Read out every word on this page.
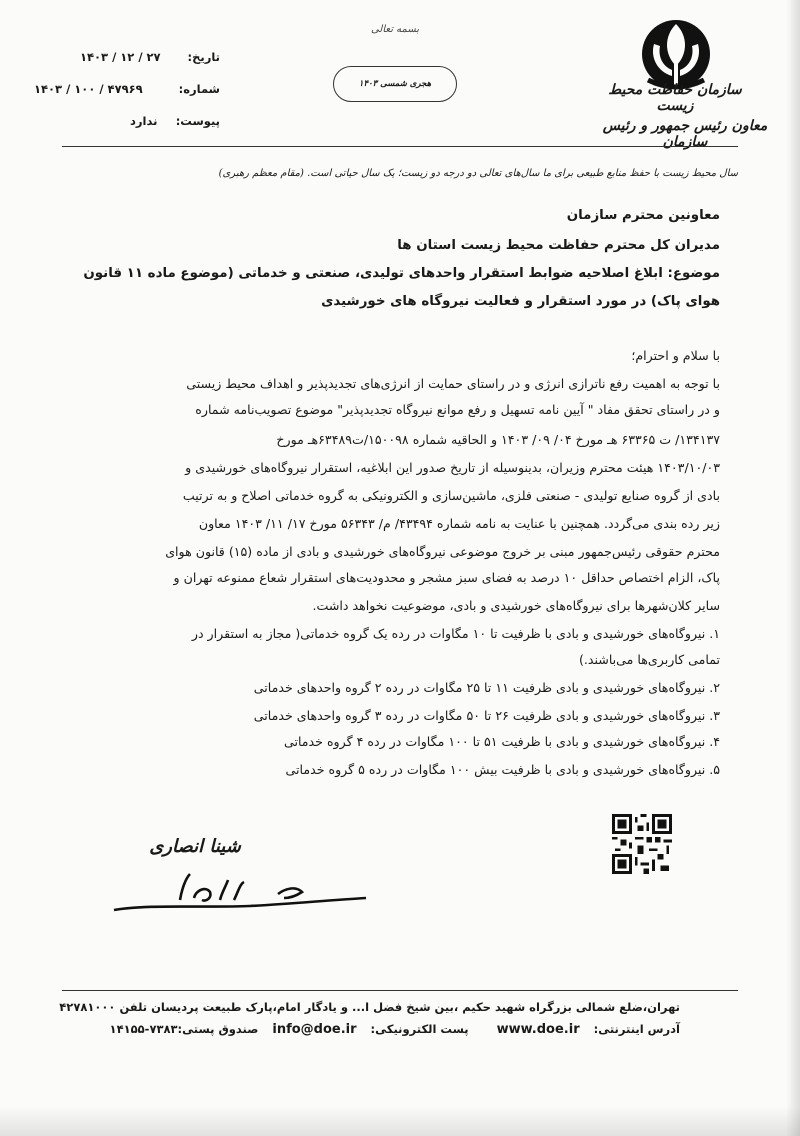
سازمان حفاظت محیط زیست
معاون رئیس جمهور و رئیس سازمان
بسمه تعالی
هجری شمسی ۱۴۰۳
تاریخ:
۱۴۰۳ / ۱۲ / ۲۷
شماره:
۱۴۰۳ / ۱۰۰ / ۴۷۹۶۹
پیوست:
ندارد
سال محیط زیست با حفظ منابع طبیعی برای ما سال‌های تعالی دو درجه دو زیست؛ یک سال حیاتی است. (مقام معظم رهبری)
معاونین محترم سازمان
مدیران کل محترم حفاظت محیط زیست استان ها
موضوع: ابلاغ اصلاحیه ضوابط استقرار واحدهای تولیدی، صنعتی و خدماتی (موضوع ماده ۱۱ قانون
هوای پاک) در مورد استقرار و فعالیت نیروگاه های خورشیدی
با سلام و احترام؛
با توجه به اهمیت رفع ناترازی انرژی و در راستای حمایت از انرژی‌های تجدیدپذیر و اهداف محیط زیستی
و در راستای تحقق مفاد " آیین نامه تسهیل و رفع موانع نیروگاه تجدیدپذیر" موضوع تصویب‌نامه شماره
۱۳۴۱۳۷/ ت ۶۳۳۶۵ هـ مورخ ۰۴/ ۰۹/ ۱۴۰۳ و الحاقیه شماره ۱۵۰۰۹۸/ت۶۳۴۸۹هـ مورخ
۱۴۰۳/۱۰/۰۳ هیئت محترم وزیران، بدینوسیله از تاریخ صدور این ابلاغیه، استقرار نیروگاه‌های خورشیدی و
بادی از گروه صنایع تولیدی - صنعتی فلزی، ماشین‌سازی و الکترونیکی به گروه خدماتی اصلاح و به ترتیب
زیر رده بندی می‌گردد. همچنین با عنایت به نامه شماره ۴۳۴۹۴/ م/ ۵۶۳۴۳ مورخ ۱۷/ ۱۱/ ۱۴۰۳ معاون
محترم حقوقی رئیس‌جمهور مبنی بر خروج موضوعی نیروگاه‌های خورشیدی و بادی از ماده (۱۵) قانون هوای
پاک، الزام اختصاص حداقل ۱۰ درصد به فضای سبز مشجر و محدودیت‌های استقرار شعاع ممنوعه تهران و
سایر کلان‌شهرها برای نیروگاه‌های خورشیدی و بادی، موضوعیت نخواهد داشت.
۱. نیروگاه‌های خورشیدی و بادی با ظرفیت تا ۱۰ مگاوات در رده یک گروه خدماتی( مجاز به استقرار در
تمامی کاربری‌ها می‌باشند.)
۲. نیروگاه‌های خورشیدی و بادی ظرفیت ۱۱ تا ۲۵ مگاوات در رده ۲ گروه واحدهای خدماتی
۳. نیروگاه‌های خورشیدی و بادی ظرفیت ۲۶ تا ۵۰ مگاوات در رده ۳ گروه واحدهای خدماتی
۴. نیروگاه‌های خورشیدی و بادی با ظرفیت ۵۱ تا ۱۰۰ مگاوات در رده ۴ گروه خدماتی
۵. نیروگاه‌های خورشیدی و بادی با ظرفیت بیش ۱۰۰ مگاوات در رده ۵ گروه خدماتی
شینا انصاری
تهران،ضلع شمالی بزرگراه شهید حکیم ،بین شیخ فضل ا... و یادگار امام،پارک طبیعت پردیسان تلفن ۴۲۷۸۱۰۰۰
آدرس اینترنتی:
www.doe.ir
پست الکترونیکی:
info@doe.ir
صندوق پستی:۷۳۸۳-۱۴۱۵۵
